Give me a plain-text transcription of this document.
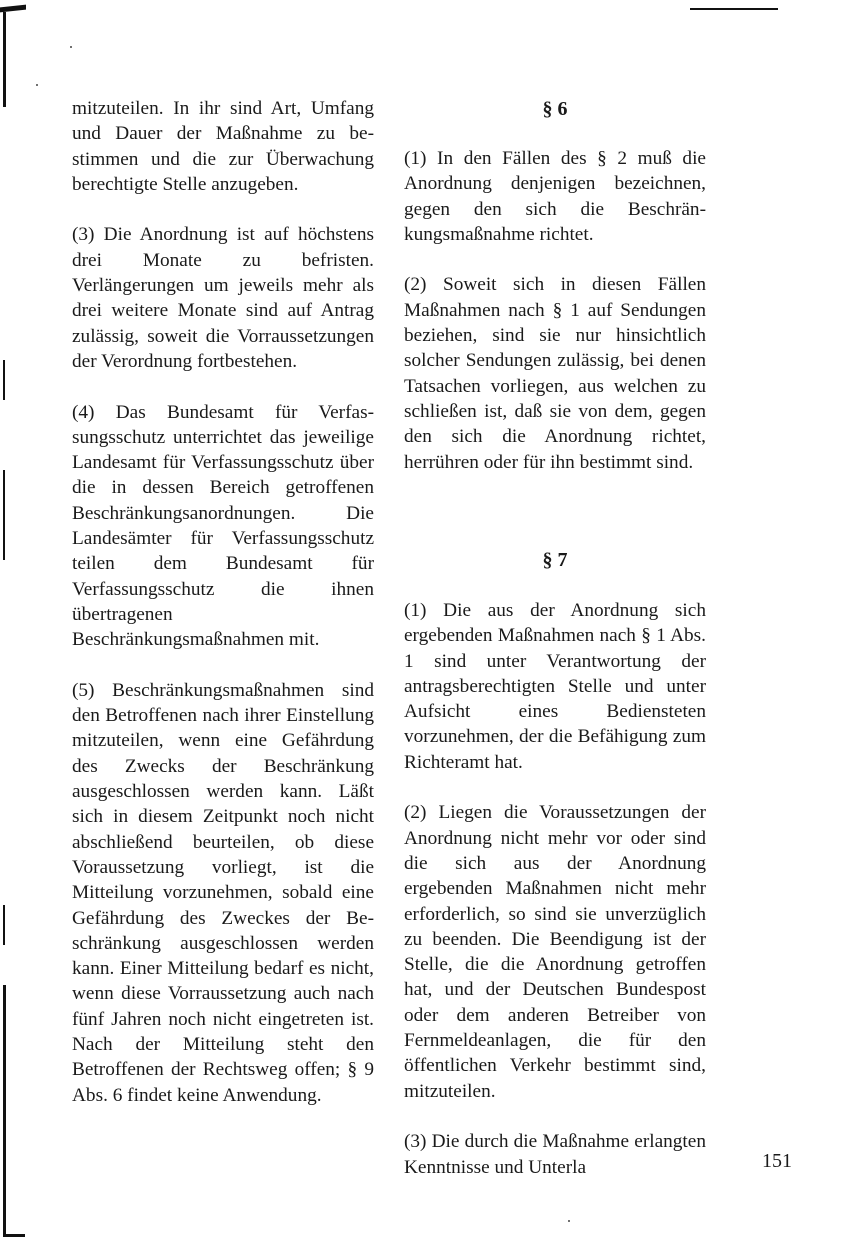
mitzuteilen. In ihr sind Art, Umfang und Dauer der Maßnahme zu bestimmen und die zur Überwachung berechtigte Stelle anzugeben.

(3) Die Anordnung ist auf höchstens drei Monate zu befristen. Verlängerungen um jeweils mehr als drei weitere Monate sind auf Antrag zulässig, soweit die Vorraussetzungen der Verordnung fortbestehen.

(4) Das Bundesamt für Verfassungsschutz unterrichtet das jeweilige Landesamt für Verfassungsschutz über die in dessen Bereich getroffenen Beschränkungsanordnungen. Die Landesämter für Verfassungsschutz teilen dem Bundesamt für Verfassungsschutz die ihnen übertragenen Beschränkungsmaßnahmen mit.

(5) Beschränkungsmaßnahmen sind den Betroffenen nach ihrer Einstellung mitzuteilen, wenn eine Gefährdung des Zwecks der Beschränkung ausgeschlossen werden kann. Läßt sich in diesem Zeitpunkt noch nicht abschließend beurteilen, ob diese Voraussetzung vorliegt, ist die Mitteilung vorzunehmen, sobald eine Gefährdung des Zweckes der Beschränkung ausgeschlossen werden kann. Einer Mitteilung bedarf es nicht, wenn diese Vorraussetzung auch nach fünf Jahren noch nicht eingetreten ist. Nach der Mitteilung steht den Betroffenen der Rechtsweg offen; § 9 Abs. 6 findet keine Anwendung.

§ 6

(1) In den Fällen des § 2 muß die Anordnung denjenigen bezeichnen, gegen den sich die Beschränkungsmaßnahme richtet.

(2) Soweit sich in diesen Fällen Maßnahmen nach § 1 auf Sendungen beziehen, sind sie nur hinsichtlich solcher Sendungen zulässig, bei denen Tatsachen vorliegen, aus welchen zu schließen ist, daß sie von dem, gegen den sich die Anordnung richtet, herrühren oder für ihn bestimmt sind.

§ 7

(1) Die aus der Anordnung sich ergebenden Maßnahmen nach § 1 Abs. 1 sind unter Verantwortung der antragsberechtigten Stelle und unter Aufsicht eines Bediensteten vorzunehmen, der die Befähigung zum Richteramt hat.

(2) Liegen die Voraussetzungen der Anordnung nicht mehr vor oder sind die sich aus der Anordnung ergebenden Maßnahmen nicht mehr erforderlich, so sind sie unverzüglich zu beenden. Die Beendigung ist der Stelle, die die Anordnung getroffen hat, und der Deutschen Bundespost oder dem anderen Betreiber von Fernmeldeanlagen, die für den öffentlichen Verkehr bestimmt sind, mitzuteilen.

(3) Die durch die Maßnahme erlangten Kenntnisse und Unterla	151
